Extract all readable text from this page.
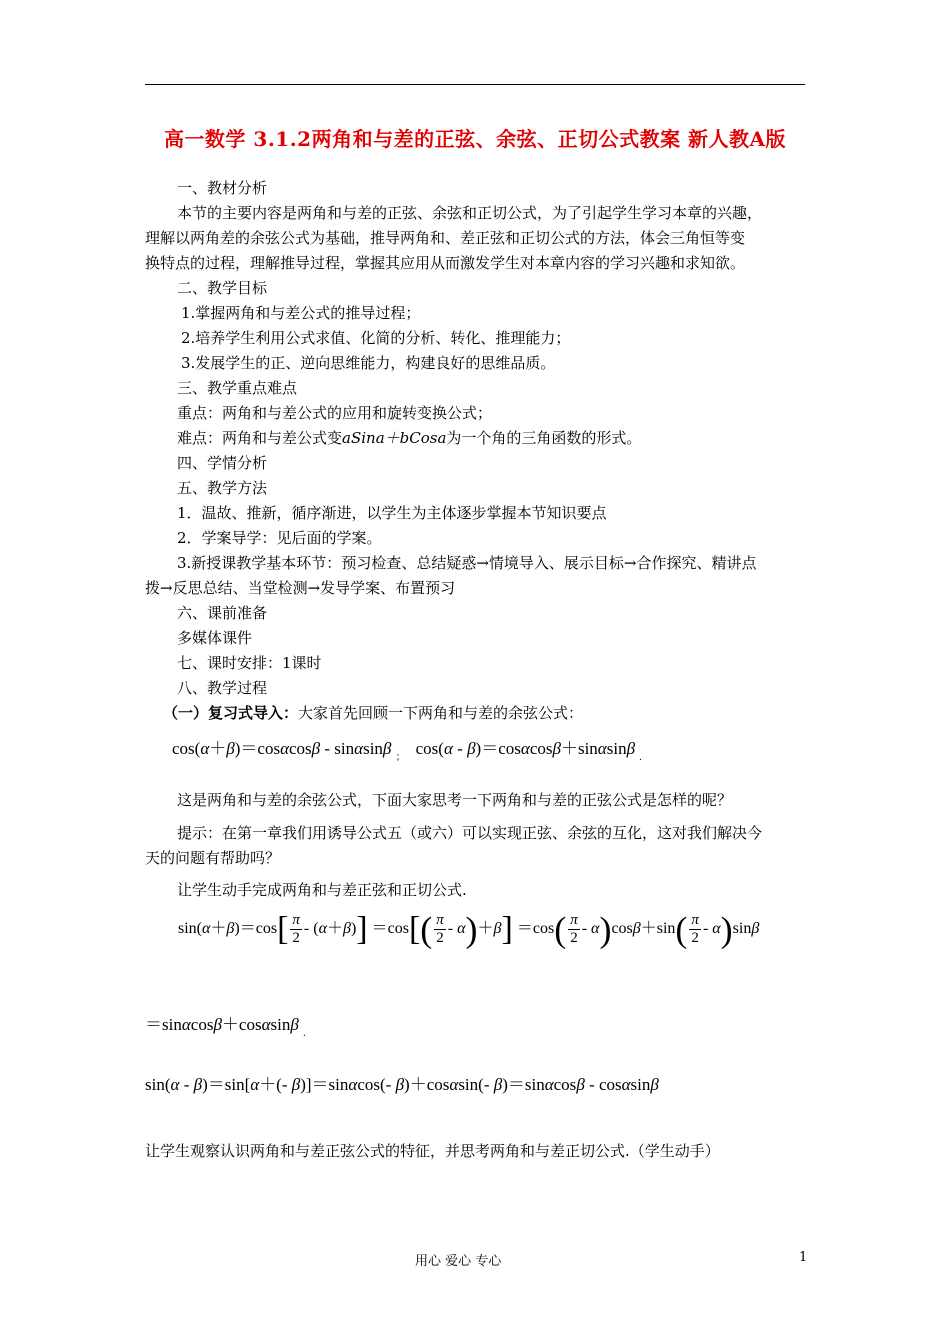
高一数学 3.1.2两角和与差的正弦、余弦、正切公式教案 新人教A版
一、教材分析
本节的主要内容是两角和与差的正弦、余弦和正切公式，为了引起学生学习本章的兴趣，
理解以两角差的余弦公式为基础，推导两角和、差正弦和正切公式的方法，体会三角恒等变
换特点的过程，理解推导过程，掌握其应用从而激发学生对本章内容的学习兴趣和求知欲。
二、教学目标
1.掌握两角和与差公式的推导过程；
2.培养学生利用公式求值、化简的分析、转化、推理能力；
3.发展学生的正、逆向思维能力，构建良好的思维品质。
三、教学重点难点
重点：两角和与差公式的应用和旋转变换公式；
难点：两角和与差公式变aSina＋bCosa为一个角的三角函数的形式。
四、学情分析
五、教学方法
1．温故、推新，循序渐进，以学生为主体逐步掌握本节知识要点
2．学案导学：见后面的学案。
3.新授课教学基本环节：预习检查、总结疑惑→情境导入、展示目标→合作探究、精讲点
拨→反思总结、当堂检测→发导学案、布置预习
六、课前准备
多媒体课件
七、课时安排：1课时
八、教学过程
（一）复习式导入：大家首先回顾一下两角和与差的余弦公式：
cos(α＋β)＝cosαcosβ - sinαsinβ $_;$ cos(α - β)＝cosαcosβ＋sinαsinβ $_.$
这是两角和与差的余弦公式，下面大家思考一下两角和与差的正弦公式是怎样的呢？
提示：在第一章我们用诱导公式五（或六）可以实现正弦、余弦的互化，这对我们解决今
天的问题有帮助吗？
让学生动手完成两角和与差正弦和正切公式.
$\sin(\alpha+\beta)=\cos[ \frac{\pi}{2} - (\alpha+\beta)] =\cos[( \frac{\pi}{2} - \alpha)+\beta] =\cos( \frac{\pi}{2} - \alpha)\cos\beta+\sin( \frac{\pi}{2} - \alpha)\sin\beta$
＝sinαcosβ＋cosαsinβ $_.$
sin(α - β)＝sin[α＋(- β)]＝sinαcos(- β)＋cosαsin(- β)＝sinαcosβ - cosαsinβ
让学生观察认识两角和与差正弦公式的特征，并思考两角和与差正切公式.（学生动手）
用心 爱心 专心	1
